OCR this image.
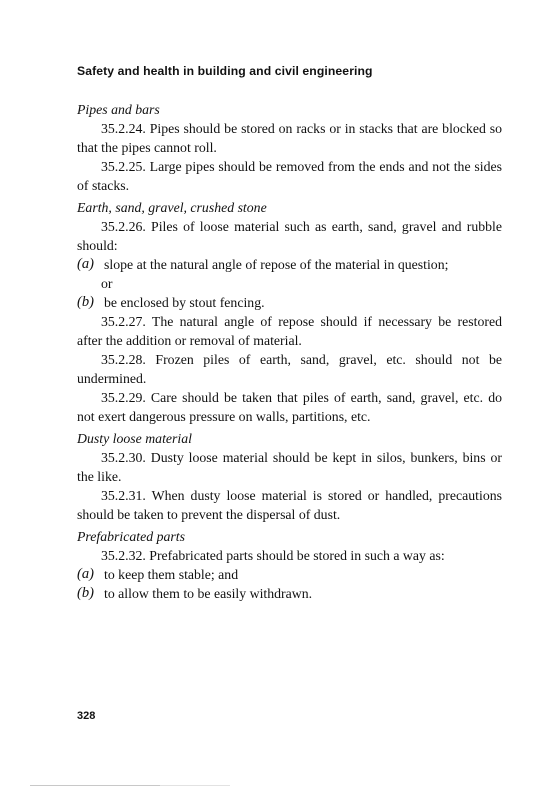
Safety and health in building and civil engineering

Pipes and bars

35.2.24. Pipes should be stored on racks or in stacks that are blocked so that the pipes cannot roll.

35.2.25. Large pipes should be removed from the ends and not the sides of stacks.

Earth, sand, gravel, crushed stone

35.2.26. Piles of loose material such as earth, sand, gravel and rubble should:

(a) slope at the natural angle of repose of the material in question;

or

(b) be enclosed by stout fencing.

35.2.27. The natural angle of repose should if necessary be restored after the addition or removal of material.

35.2.28. Frozen piles of earth, sand, gravel, etc. should not be undermined.

35.2.29. Care should be taken that piles of earth, sand, gravel, etc. do not exert dangerous pressure on walls, partitions, etc.

Dusty loose material

35.2.30. Dusty loose material should be kept in silos, bunkers, bins or the like.

35.2.31. When dusty loose material is stored or handled, precautions should be taken to prevent the dispersal of dust.

Prefabricated parts

35.2.32. Prefabricated parts should be stored in such a way as:

(a) to keep them stable; and
(b) to allow them to be easily withdrawn.
328
